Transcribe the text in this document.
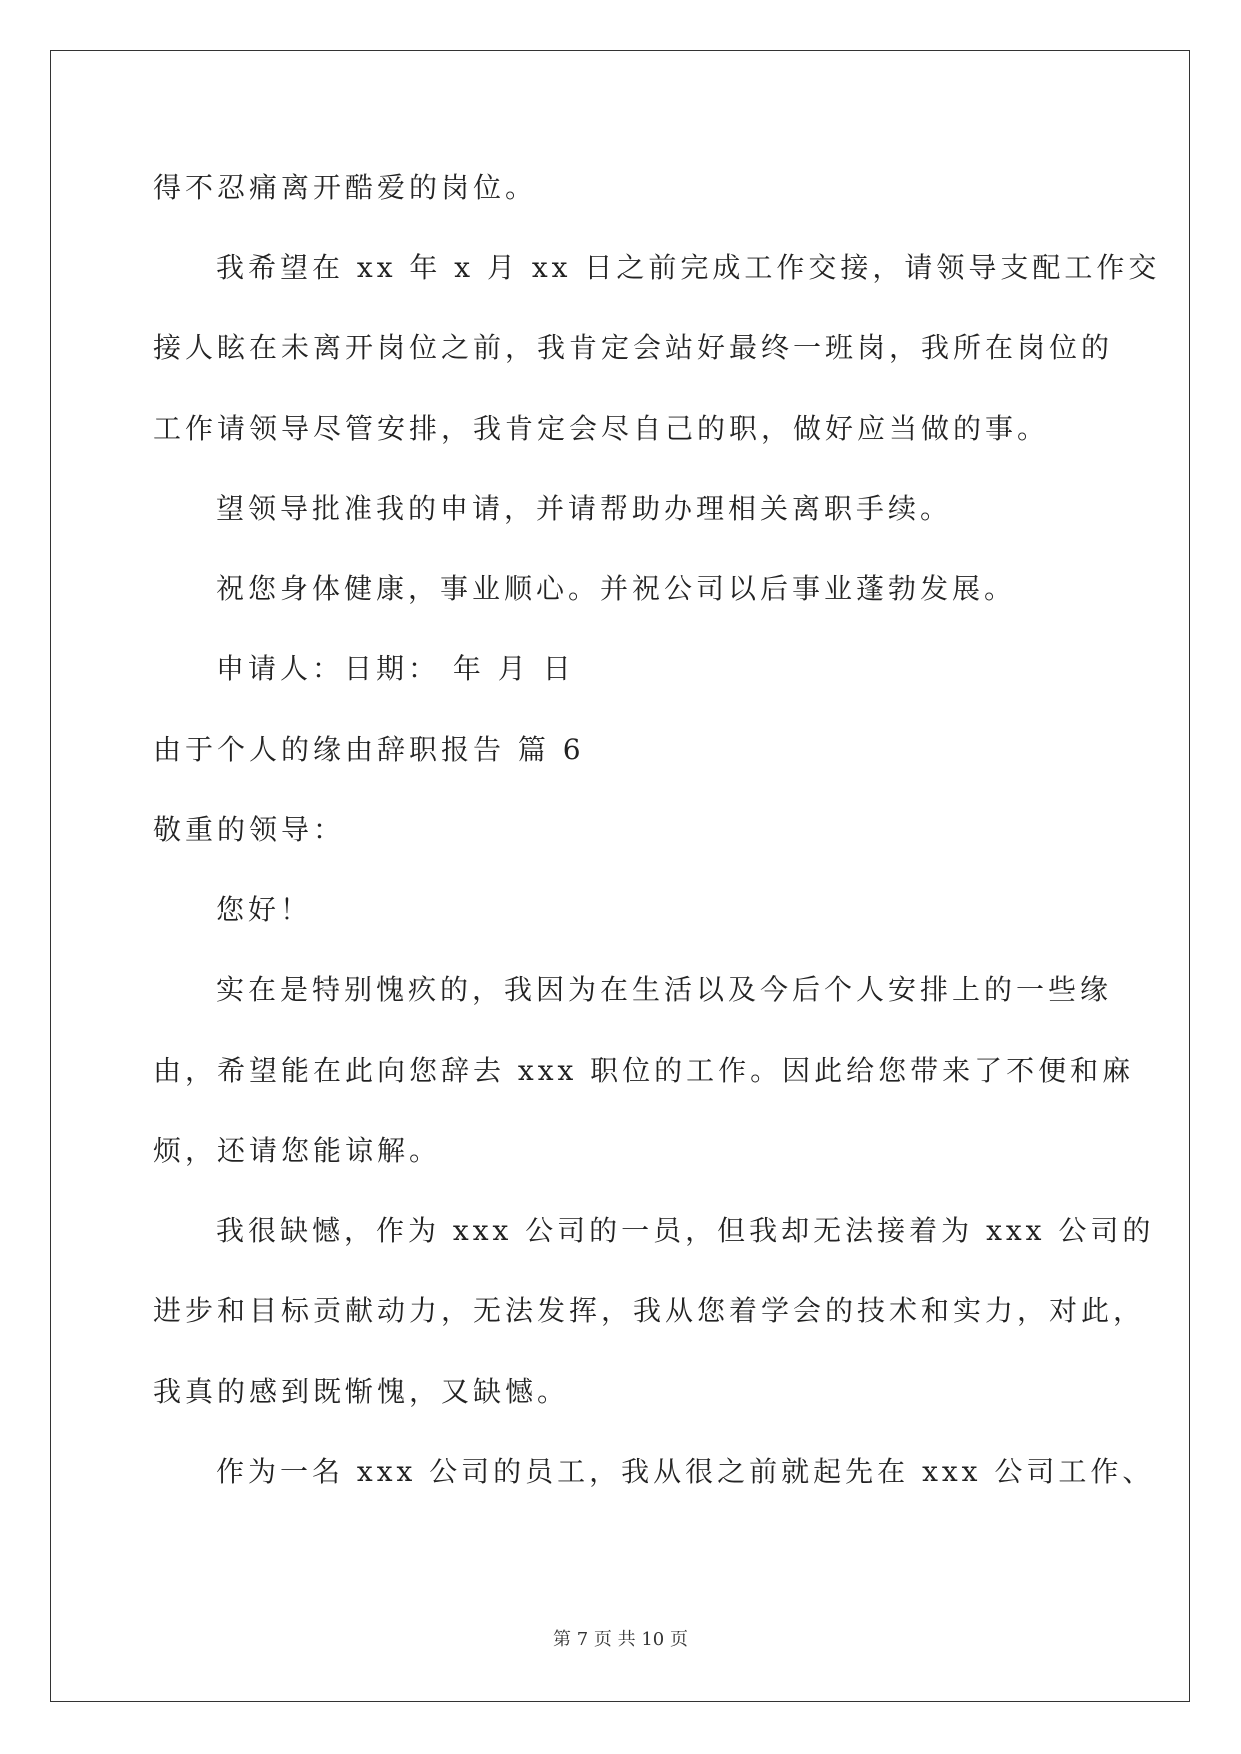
得不忍痛离开酷爱的岗位。
我希望在 xx 年 x 月 xx 日之前完成工作交接，请领导支配工作交
接人眩在未离开岗位之前，我肯定会站好最终一班岗，我所在岗位的
工作请领导尽管安排，我肯定会尽自己的职，做好应当做的事。
望领导批准我的申请，并请帮助办理相关离职手续。
祝您身体健康，事业顺心。并祝公司以后事业蓬勃发展。
申请人：日期： 年 月 日
由于个人的缘由辞职报告 篇 6
敬重的领导：
您好！
实在是特别愧疚的，我因为在生活以及今后个人安排上的一些缘
由，希望能在此向您辞去 xxx 职位的工作。因此给您带来了不便和麻
烦，还请您能谅解。
我很缺憾，作为 xxx 公司的一员，但我却无法接着为 xxx 公司的
进步和目标贡献动力，无法发挥，我从您着学会的技术和实力，对此，
我真的感到既惭愧，又缺憾。
作为一名 xxx 公司的员工，我从很之前就起先在 xxx 公司工作、
第 7 页 共 10 页
